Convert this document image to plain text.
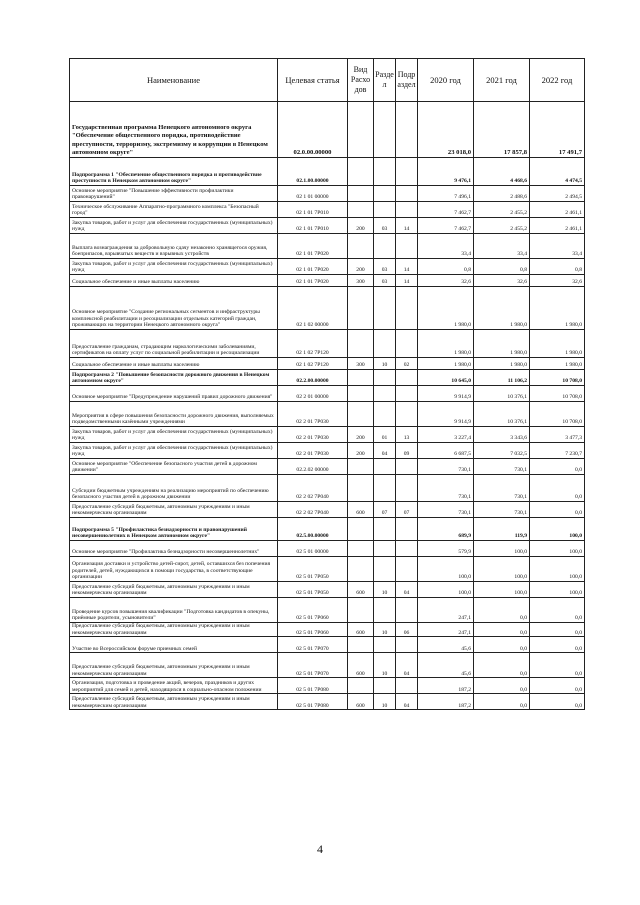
Наименование	Целевая статья	Вид Расхо дов	Разде л	Подр аздел	2020 год	2021 год	2022 год
Государственная программа Ненецкого автономного округа "Обеспечение общественного порядка, противодействие преступности, терроризму, экстремизму и коррупции в Ненецком автономном округе"	02.0.00.00000				23 018,0	17 857,8	17 491,7
Подпрограмма 1 "Обеспечение общественного порядка и противодействие преступности в Ненецком автономном округе"	02.1.00.00000				9 476,1	4 468,6	4 474,5
Основное мероприятие "Повышение эффективности профилактики правонарушений"	02 1 01 00000				7 496,1	2 488,6	2 494,5
Техническое обслуживание Аппаратно-программного комплекса "Безопасный город"	02 1 01 7Р010				7 462,7	2 455,2	2 461,1
Закупка товаров, работ и услуг для обеспечения государственных (муниципальных) нужд	02 1 01 7Р010	200	03	14	7 462,7	2 455,2	2 461,1
Выплата вознаграждения за добровольную сдачу незаконно хранящегося оружия, боеприпасов, взрывчатых веществ и взрывных устройств	02 1 01 7Р020				33,4	33,4	33,4
Закупка товаров, работ и услуг для обеспечения государственных (муниципальных) нужд	02 1 01 7Р020	200	03	14	0,8	0,8	0,8
Социальное обеспечение и иные выплаты населению	02 1 01 7Р020	300	03	14	32,6	32,6	32,6
Основное мероприятие "Создание региональных сегментов и инфраструктуры комплексной реабилитации и ресоциализации отдельных категорий граждан, проживающих на территории Ненецкого автономного округа"	02 1 02 00000				1 980,0	1 980,0	1 980,0
Предоставление гражданам, страдающим наркологическими заболеваниями, сертификатов на оплату услуг по социальной реабилитации и ресоциализации	02 1 02 7Р120				1 980,0	1 980,0	1 980,0
Социальное обеспечение и иные выплаты населению	02 1 02 7Р120	300	10	02	1 980,0	1 980,0	1 980,0
Подпрограмма 2 "Повышение безопасности дорожного движения в Ненецком автономном округе"	02.2.00.00000				10 645,0	11 106,2	10 708,0
Основное мероприятие "Предупреждение нарушений правил дорожного движения"	02 2 01 00000				9 914,9	10 376,1	10 708,0
Мероприятия в сфере повышения безопасности дорожного движения, выполняемых подведомственными казёнными учреждениями	02 2 01 7Р030				9 914,9	10 376,1	10 708,0
Закупка товаров, работ и услуг для обеспечения государственных (муниципальных) нужд	02 2 01 7Р030	200	01	13	3 227,4	3 343,6	3 477,3
Закупка товаров, работ и услуг для обеспечения государственных (муниципальных) нужд	02 2 01 7Р030	200	04	09	6 687,5	7 032,5	7 230,7
Основное мероприятие "Обеспечение безопасного участия детей в дорожном движении"	02.2.02 00000				730,1	730,1	0,0
Субсидии бюджетным учреждениям на реализацию мероприятий по обеспечению безопасного участия детей в дорожном движении	02 2 02 7Р040				730,1	730,1	0,0
Предоставление субсидий бюджетным, автономным учреждениям и иным некоммерческим организациям	02 2 02 7Р040	600	07	07	730,1	730,1	0,0
Подпрограмма 5 "Профилактика безнадзорности и правонарушений несовершеннолетних в Ненецком автономном округе"	02.5.00.00000				689,9	119,9	100,0
Основное мероприятие "Профилактика безнадзорности несовершеннолетних"	02 5 01 00000				579,9	100,0	100,0
Организация доставки и устройство детей-сирот, детей, оставшихся без попечения родителей, детей, нуждающихся в помощи государства, в соответствующие организации	02 5 01 7Р050				100,0	100,0	100,0
Предоставление субсидий бюджетным, автономным учреждениям и иным некоммерческим организациям	02 5 01 7Р050	600	10	04	100,0	100,0	100,0
Проведение курсов повышения квалификации "Подготовка кандидатов в опекуны, приёмные родители, усыновители"	02 5 01 7Р060				247,1	0,0	0,0
Предоставление субсидий бюджетным, автономным учреждениям и иным некоммерческим организациям	02 5 01 7Р060	600	10	06	247,1	0,0	0,0
Участие во Всероссийском форуме приемных семей	02 5 01 7Р070				45,6	0,0	0,0
Предоставление субсидий бюджетным, автономным учреждениям и иным некоммерческим организациям	02 5 01 7Р070	600	10	04	45,6	0,0	0,0
Организация, подготовка и проведение акций, вечеров, праздников и других мероприятий для семей и детей, находящихся в социально-опасном положении	02 5 01 7Р080				187,2	0,0	0,0
Предоставление субсидий бюджетным, автономным учреждениям и иным некоммерческим организациям	02 5 01 7Р080	600	10	04	187,2	0,0	0,0
4
